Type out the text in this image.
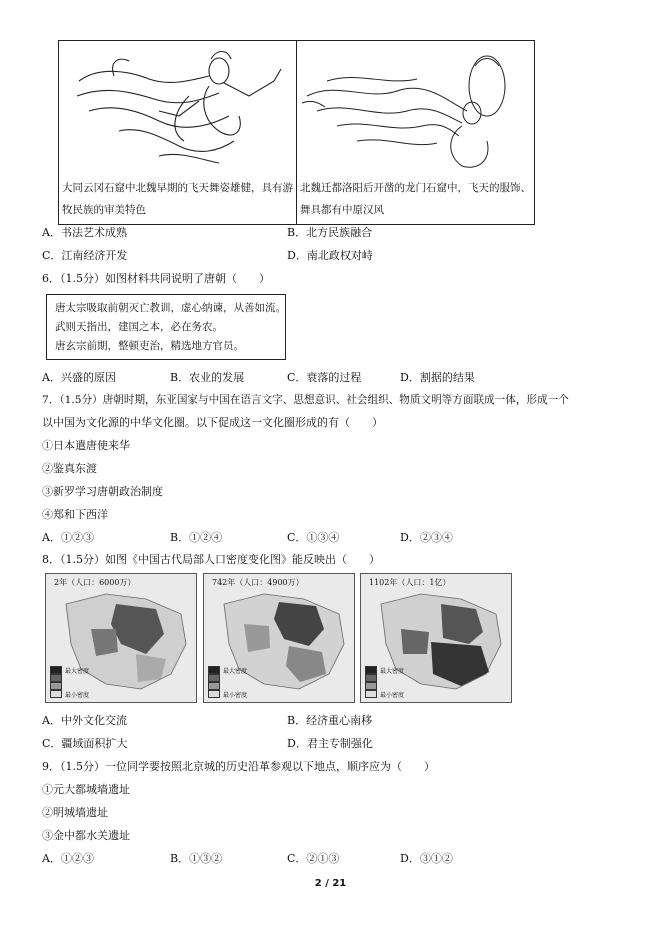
大同云冈石窟中北魏早期的飞天舞姿雄健，具有游牧民族的审美特色
北魏迁都洛阳后开凿的龙门石窟中，飞天的服饰、舞具都有中原汉风
A．书法艺术成熟	B．北方民族融合
C．江南经济开发	D．南北政权对峙
6．（1.5分）如图材料共同说明了唐朝（　　）
唐太宗吸取前朝灭亡教训，虚心纳谏，从善如流。
武则天指出，建国之本，必在务农。
唐玄宗前期，整顿吏治，精选地方官员。
A．兴盛的原因	B．农业的发展	C．衰落的过程	D．割据的结果
7．（1.5分）唐朝时期，东亚国家与中国在语言文字、思想意识、社会组织、物质文明等方面联成一体，形成一个
以中国为文化源的中华文化圈。以下促成这一文化圈形成的有（　　）
①日本遣唐使来华
②鉴真东渡
③新罗学习唐朝政治制度
④郑和下西洋
A．①②③	B．①②④	C．①③④	D．②③④
8．（1.5分）如图《中国古代局部人口密度变化图》能反映出（　　）
2年（人口：6000万）
最大密度
最小密度
742年（人口：4900万）
最大密度
最小密度
1102年（人口：1亿）
最大密度
最小密度
A．中外文化交流	B．经济重心南移
C．疆域面积扩大	D．君主专制强化
9．（1.5分）一位同学要按照北京城的历史沿革参观以下地点，顺序应为（　　）
①元大都城墙遗址
②明城墙遗址
③金中都水关遗址
A．①②③	B．①③②	C．②①③	D．③①②
2 / 21
